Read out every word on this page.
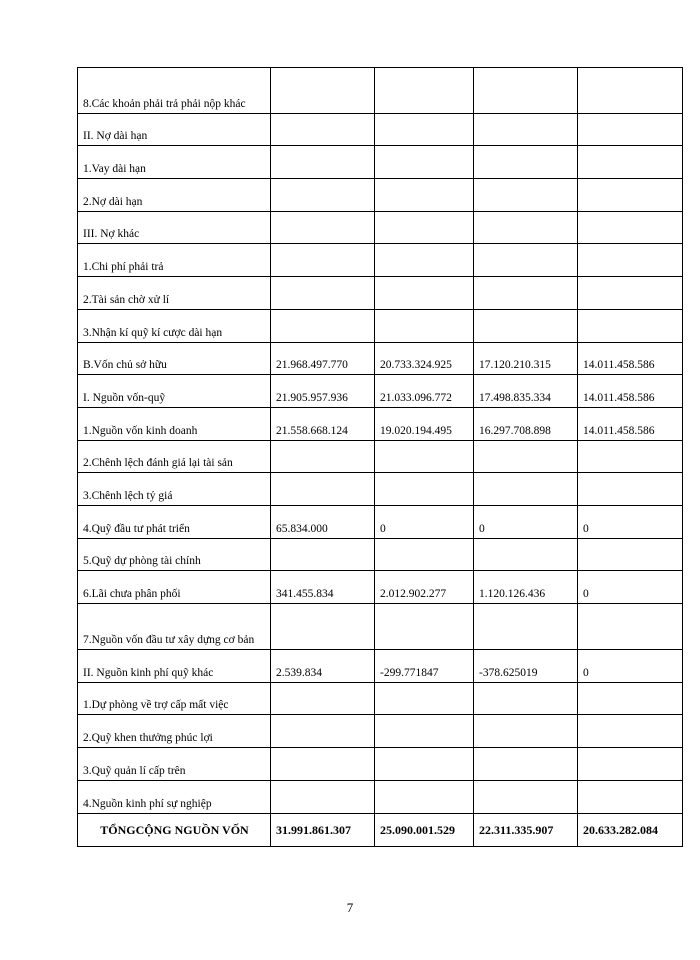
8.Các khoản phải trả phải nộp khác				
II. Nợ dài hạn				
1.Vay dài hạn				
2.Nợ dài hạn				
III. Nợ khác				
1.Chi phí phải trả				
2.Tài sản chờ xử lí				
3.Nhận kí quỹ kí cược dài hạn				
B.Vốn chủ sở hữu	21.968.497.770	20.733.324.925	17.120.210.315	14.011.458.586
I. Nguồn vốn-quỹ	21.905.957.936	21.033.096.772	17.498.835.334	14.011.458.586
1.Nguồn vốn kinh doanh	21.558.668.124	19.020.194.495	16.297.708.898	14.011.458.586
2.Chênh lệch đánh giá lại tài sản				
3.Chênh lệch tỷ giá				
4.Quỹ đầu tư phát triển	65.834.000	0	0	0
5.Quỹ dự phòng tài chính				
6.Lãi chưa phân phối	341.455.834	2.012.902.277	1.120.126.436	0
7.Nguồn vốn đầu tư xây dựng cơ bản				
II. Nguồn kinh phí quỹ khác	2.539.834	-299.771847	-378.625019	0
1.Dự phòng về trợ cấp mất việc				
2.Quỹ khen thưởng phúc lợi				
3.Quỹ quản lí cấp trên				
4.Nguồn kinh phí sự nghiệp				
TỔNGCỘNG NGUỒN VỐN	31.991.861.307	25.090.001.529	22.311.335.907	20.633.282.084
7
